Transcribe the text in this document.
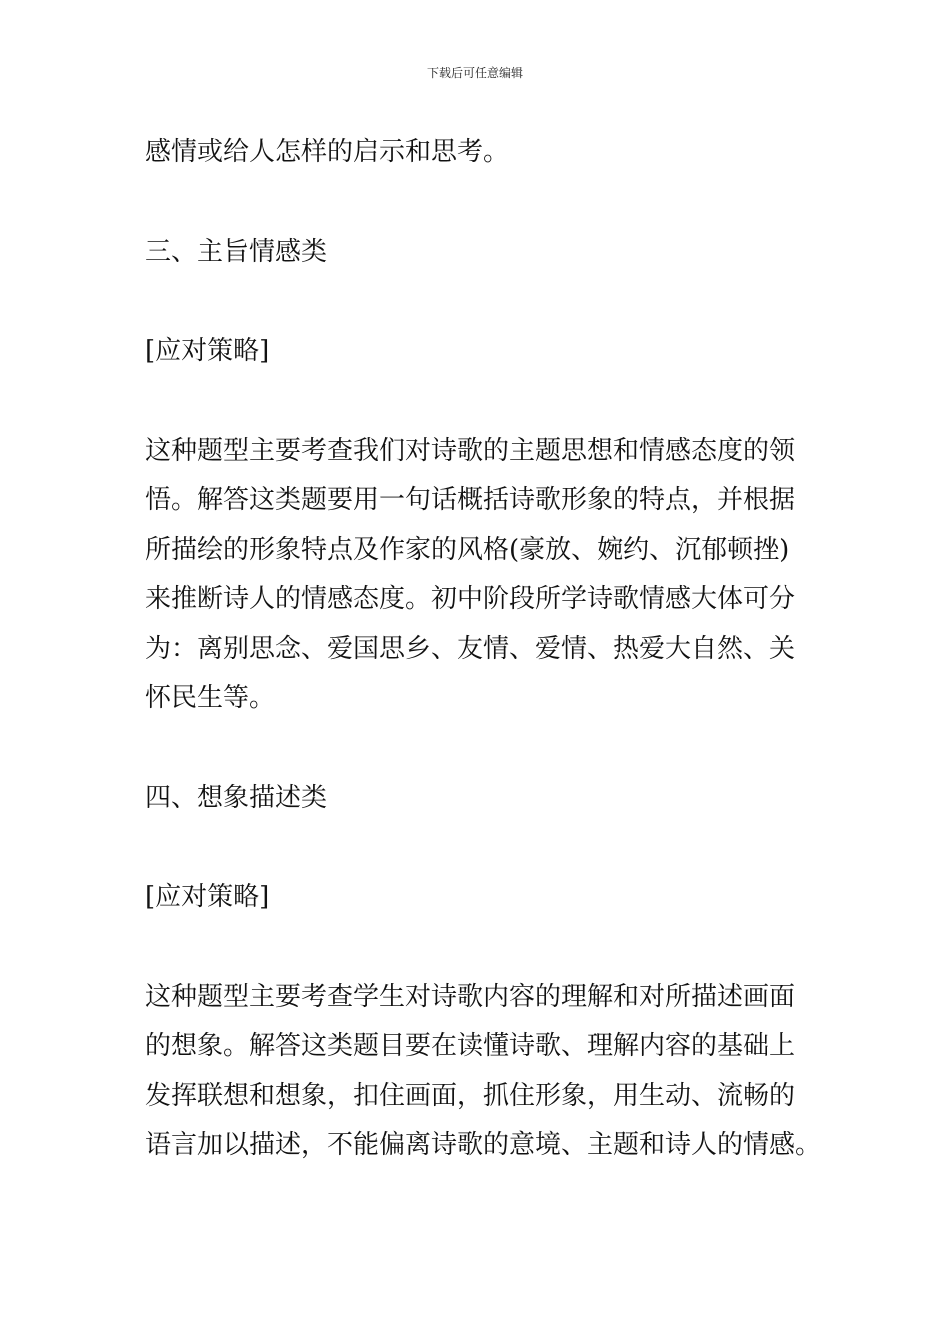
下载后可任意编辑

感情或给人怎样的启示和思考。

三、主旨情感类

[应对策略]

这种题型主要考查我们对诗歌的主题思想和情感态度的领
悟。解答这类题要用一句话概括诗歌形象的特点，并根据
所描绘的形象特点及作家的风格(豪放、婉约、沉郁顿挫)
来推断诗人的情感态度。初中阶段所学诗歌情感大体可分
为：离别思念、爱国思乡、友情、爱情、热爱大自然、关
怀民生等。

四、想象描述类

[应对策略]

这种题型主要考查学生对诗歌内容的理解和对所描述画面
的想象。解答这类题目要在读懂诗歌、理解内容的基础上
发挥联想和想象，扣住画面，抓住形象，用生动、流畅的
语言加以描述，不能偏离诗歌的意境、主题和诗人的情感。
